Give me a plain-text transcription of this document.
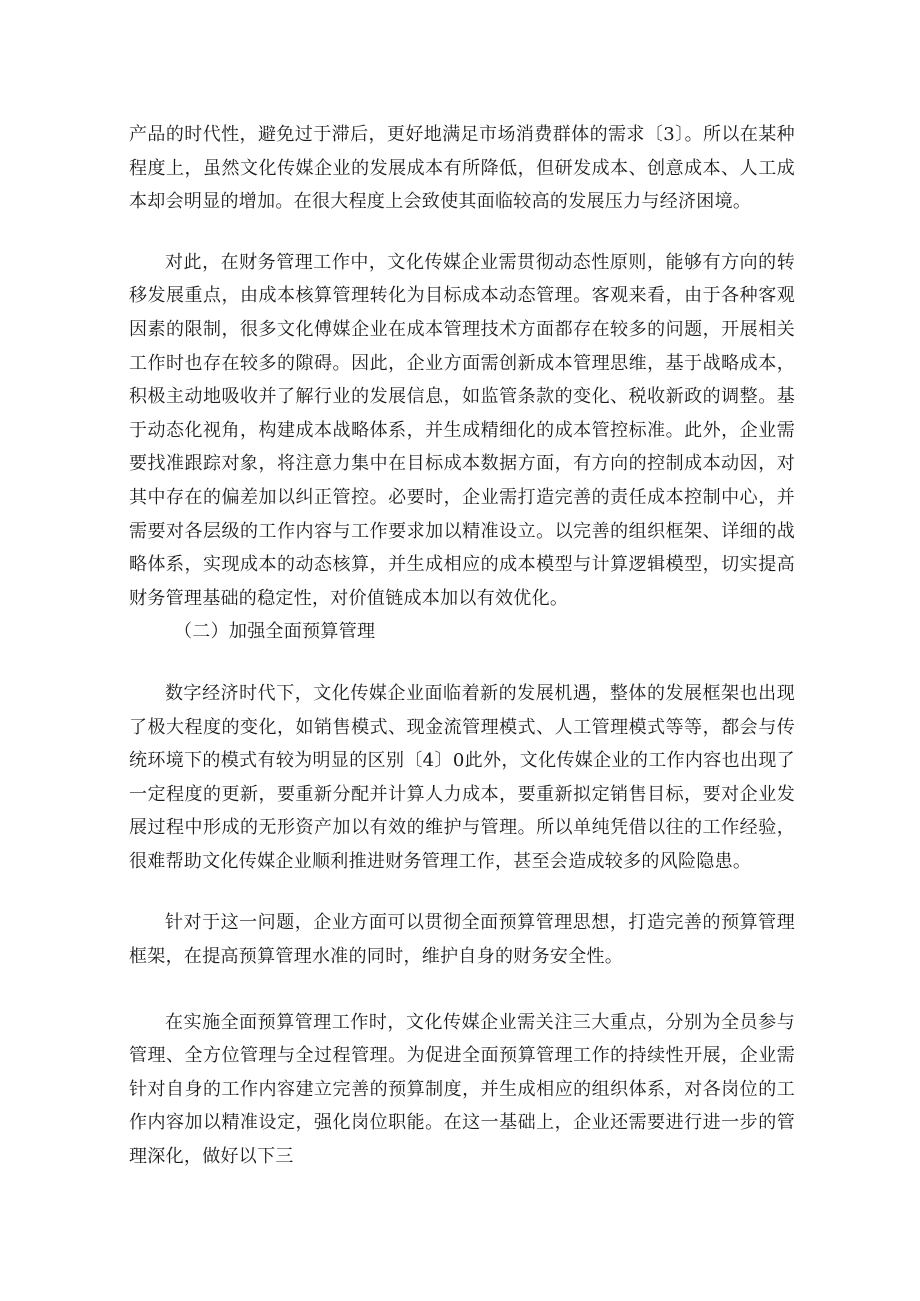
产品的时代性，避免过于滞后，更好地满足市场消费群体的需求〔3〕。所以在某种程度上，虽然文化传媒企业的发展成本有所降低，但研发成本、创意成本、人工成本却会明显的增加。在很大程度上会致使其面临较高的发展压力与经济困境。

对此，在财务管理工作中，文化传媒企业需贯彻动态性原则，能够有方向的转移发展重点，由成本核算管理转化为目标成本动态管理。客观来看，由于各种客观因素的限制，很多文化傅媒企业在成本管理技术方面都存在较多的问题，开展相关工作时也存在较多的隙碍。因此，企业方面需创新成本管理思维，基于战略成本，积极主动地吸收并了解行业的发展信息，如监管条款的变化、税收新政的调整。基于动态化视角，构建成本战略体系，并生成精细化的成本管控标准。此外，企业需要找准跟踪对象，将注意力集中在目标成本数据方面，有方向的控制成本动因，对其中存在的偏差加以纠正管控。必要时，企业需打造完善的责任成本控制中心，并需要对各层级的工作内容与工作要求加以精准设立。以完善的组织框架、详细的战略体系，实现成本的动态核算，并生成相应的成本模型与计算逻辑模型，切实提高财务管理基础的稳定性，对价值链成本加以有效优化。

（二）加强全面预算管理

数字经济时代下，文化传媒企业面临着新的发展机遇，整体的发展框架也出现了极大程度的变化，如销售模式、现金流管理模式、人工管理模式等等，都会与传统环境下的模式有较为明显的区别〔4〕0此外，文化传媒企业的工作内容也出现了一定程度的更新，要重新分配并计算人力成本，要重新拟定销售目标，要对企业发展过程中形成的无形资产加以有效的维护与管理。所以单纯凭借以往的工作经验，很难帮助文化传媒企业顺利推进财务管理工作，甚至会造成较多的风险隐患。

针对于这一问题，企业方面可以贯彻全面预算管理思想，打造完善的预算管理框架，在提高预算管理水准的同时，维护自身的财务安全性。

在实施全面预算管理工作时，文化传媒企业需关注三大重点，分别为全员参与管理、全方位管理与全过程管理。为促进全面预算管理工作的持续性开展，企业需针对自身的工作内容建立完善的预算制度，并生成相应的组织体系，对各岗位的工作内容加以精准设定，强化岗位职能。在这一基础上，企业还需要进行进一步的管理深化，做好以下三
